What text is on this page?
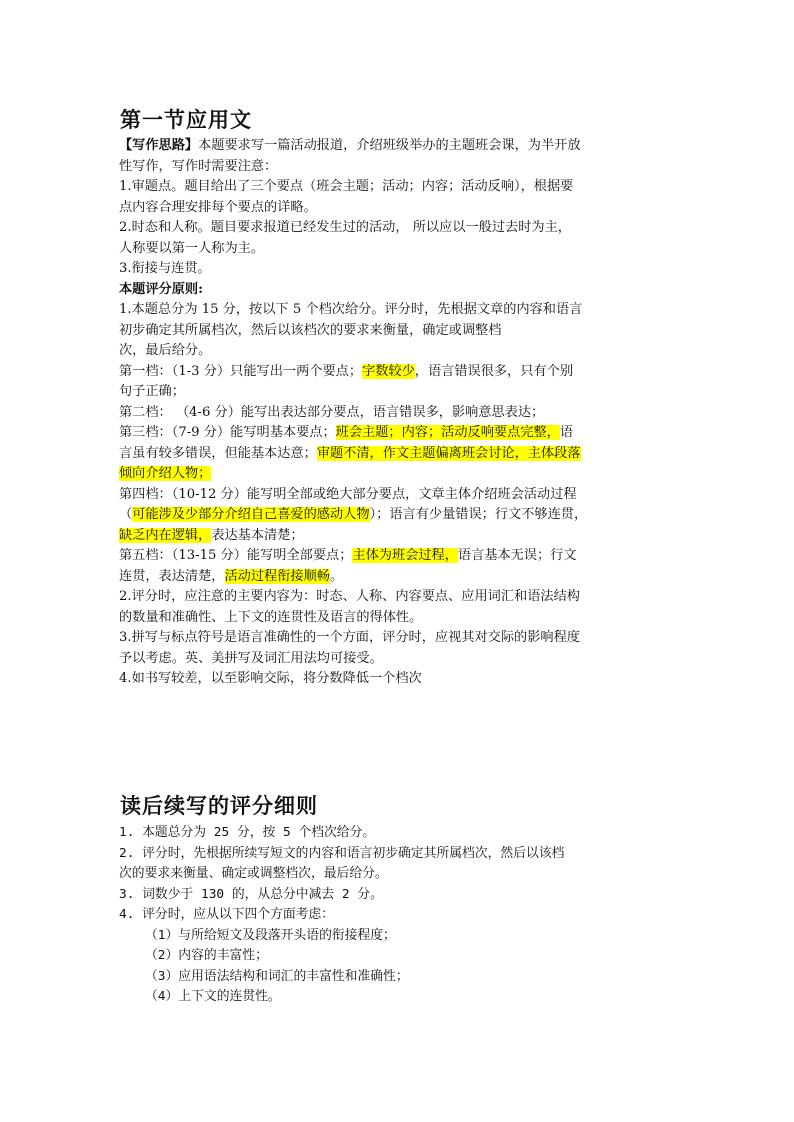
第一节应用文

【写作思路】本题要求写一篇活动报道，介绍班级举办的主题班会课，为半开放

性写作，写作时需要注意：

1.审题点。题目给出了三个要点（班会主题；活动；内容；活动反响），根据要

点内容合理安排每个要点的详略。

2.时态和人称。题目要求报道已经发生过的活动， 所以应以一般过去时为主，

人称要以第一人称为主。

3.衔接与连贯。

本题评分原则:

1.本题总分为 15 分，按以下 5 个档次给分。评分时，先根据文章的内容和语言

初步确定其所属档次，然后以该档次的要求来衡量，确定或调整档

次，最后给分。

第一档：（1-3 分）只能写出一两个要点；字数较少，语言错误很多，只有个别

句子正确；

第二档： （4-6 分）能写出表达部分要点，语言错误多，影响意思表达；

第三档：（7-9 分）能写明基本要点；班会主题；内容；活动反响要点完整，语

言虽有较多错误，但能基本达意；审题不清，作文主题偏离班会讨论，主体段落

倾向介绍人物；

第四档：（10-12 分）能写明全部或绝大部分要点，文章主体介绍班会活动过程

（可能涉及少部分介绍自己喜爱的感动人物）；语言有少量错误；行文不够连贯，

缺乏内在逻辑，表达基本清楚；

第五档：（13-15 分）能写明全部要点；主体为班会过程，语言基本无误；行文

连贯，表达清楚，活动过程衔接顺畅。

2.评分时，应注意的主要内容为：时态、人称、内容要点、应用词汇和语法结构

的数量和准确性、上下文的连贯性及语言的得体性。

3.拼写与标点符号是语言准确性的一个方面，评分时，应视其对交际的影响程度

予以考虑。英、美拼写及词汇用法均可接受。

4.如书写较差，以至影响交际，将分数降低一个档次

读后续写的评分细则

1. 本题总分为 25 分，按 5 个档次给分。

2. 评分时，先根据所续写短文的内容和语言初步确定其所属档次，然后以该档

次的要求来衡量、确定或调整档次，最后给分。

3. 词数少于 130 的，从总分中减去 2 分。

4. 评分时，应从以下四个方面考虑：

（1）与所给短文及段落开头语的衔接程度；

（2）内容的丰富性；

（3）应用语法结构和词汇的丰富性和准确性；

（4）上下文的连贯性。
